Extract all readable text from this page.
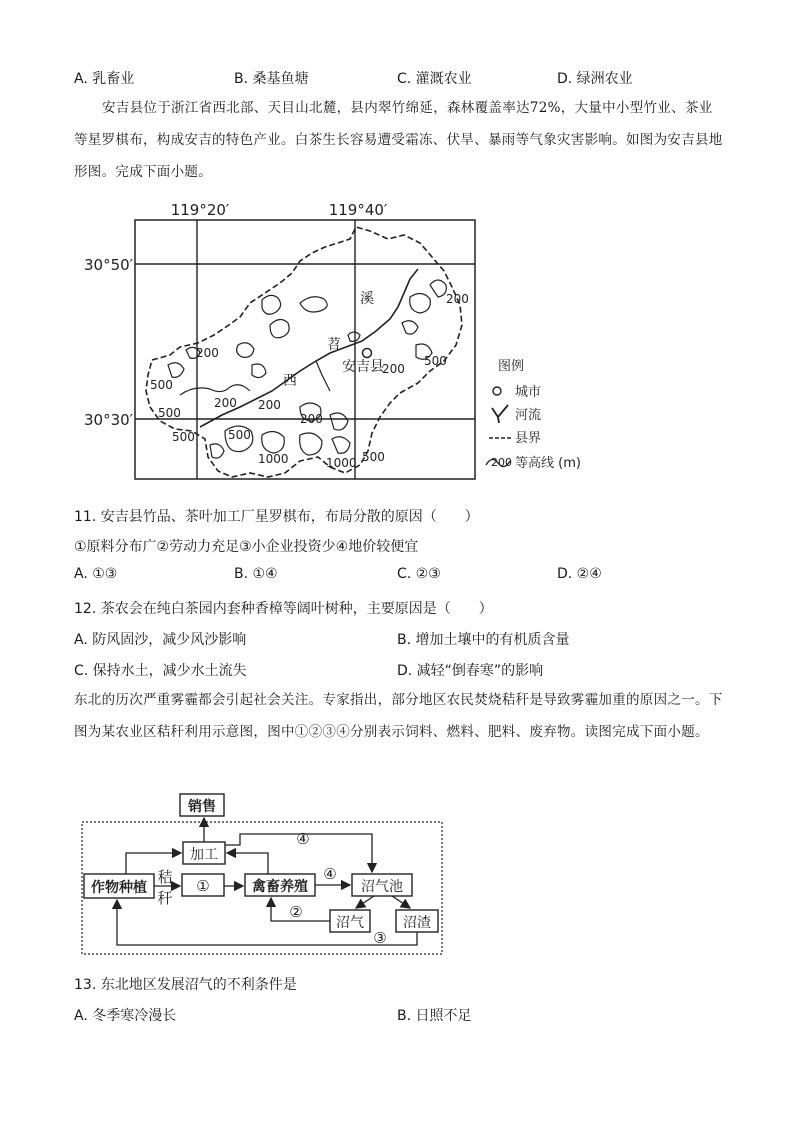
A. 乳畜业	B. 桑基鱼塘	C. 灌溉农业	D. 绿洲农业
安吉县位于浙江省西北部、天目山北麓，县内翠竹绵延，森林覆盖率达72%，大量中小型竹业、茶业等星罗棋布，构成安吉的特色产业。白茶生长容易遭受霜冻、伏旱、暴雨等气象灾害影响。如图为安吉县地形图。完成下面小题。
119°20′	119°40′
30°50′
30°30′
200
500
200
500
200
500
200
500
1000	1000
200
500
200
500
溪
苕
西
安吉县	图例
城市
河流
县界
200 等高线 (m)
11. 安吉县竹品、茶叶加工厂星罗棋布，布局分散的原因（　　）
①原料分布广②劳动力充足③小企业投资少④地价较便宜
A. ①③	B. ①④	C. ②③	D. ②④
12. 茶农会在纯白茶园内套种香樟等阔叶树种，主要原因是（　　）
A. 防风固沙，减少风沙影响	B. 增加土壤中的有机质含量
C. 保持水土，减少水土流失	D. 减轻“倒春寒”的影响
东北的历次严重雾霾都会引起社会关注。专家指出，部分地区农民焚烧秸秆是导致雾霾加重的原因之一。下图为某农业区秸秆利用示意图，图中①②③④分别表示饲料、燃料、肥料、废弃物。读图完成下面小题。
销售
加工
作物种植
秸
秆
①	禽畜养殖	沼气池
沼气	沼渣
④
④
②
③
13. 东北地区发展沼气的不利条件是
A. 冬季寒冷漫长	B. 日照不足
